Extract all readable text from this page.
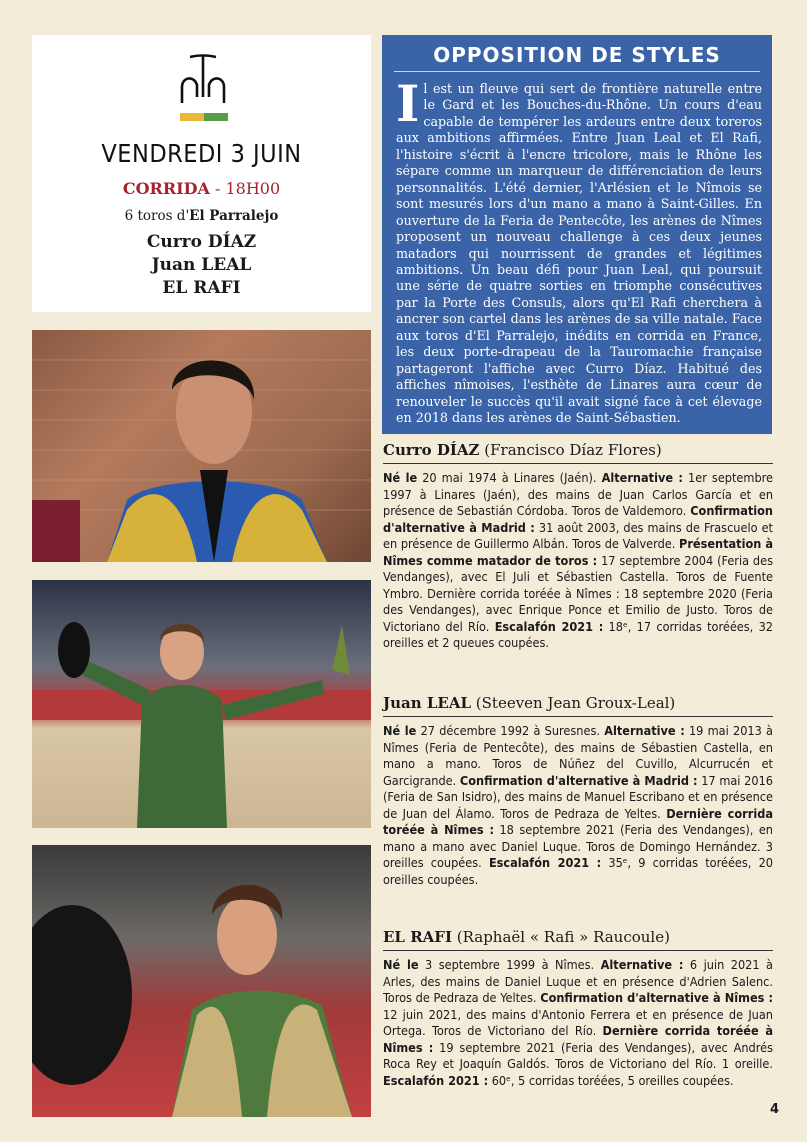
VENDREDI 3 JUIN
CORRIDA - 18H00
6 toros d'El Parralejo
Curro DÍAZ
Juan LEAL
EL RAFI
OPPOSITION DE STYLES
Il est un fleuve qui sert de frontière naturelle entre le Gard et les Bouches-du-Rhône. Un cours d'eau capable de tempérer les ardeurs entre deux toreros aux ambitions affirmées. Entre Juan Leal et El Rafi, l'histoire s'écrit à l'encre tricolore, mais le Rhône les sépare comme un marqueur de différenciation de leurs personnalités. L'été dernier, l'Arlésien et le Nîmois se sont mesurés lors d'un mano a mano à Saint-Gilles. En ouverture de la Feria de Pentecôte, les arènes de Nîmes proposent un nouveau challenge à ces deux jeunes matadors qui nourrissent de grandes et légitimes ambitions. Un beau défi pour Juan Leal, qui poursuit une série de quatre sorties en triomphe consécutives par la Porte des Consuls, alors qu'El Rafi cherchera à ancrer son cartel dans les arènes de sa ville natale. Face aux toros d'El Parralejo, inédits en corrida en France, les deux porte-drapeau de la Tauromachie française partageront l'affiche avec Curro Díaz. Habitué des affiches nîmoises, l'esthète de Linares aura cœur de renouveler le succès qu'il avait signé face à cet élevage en 2018 dans les arènes de Saint-Sébastien.
Curro DÍAZ (Francisco Díaz Flores)
Né le 20 mai 1974 à Linares (Jaén). Alternative : 1er septembre 1997 à Linares (Jaén), des mains de Juan Carlos García et en présence de Sebastián Córdoba. Toros de Valdemoro. Confirmation d'alternative à Madrid : 31 août 2003, des mains de Frascuelo et en présence de Guillermo Albán. Toros de Valverde. Présentation à Nîmes comme matador de toros : 17 septembre 2004 (Feria des Vendanges), avec El Juli et Sébastien Castella. Toros de Fuente Ymbro. Dernière corrida toréée à Nîmes : 18 septembre 2020 (Feria des Vendanges), avec Enrique Ponce et Emilio de Justo. Toros de Victoriano del Río. Escalafón 2021 : 18ᵉ, 17 corridas toréées, 32 oreilles et 2 queues coupées.
Juan LEAL (Steeven Jean Groux-Leal)
Né le 27 décembre 1992 à Suresnes. Alternative : 19 mai 2013 à Nîmes (Feria de Pentecôte), des mains de Sébastien Castella, en mano a mano. Toros de Núñez del Cuvillo, Alcurrucén et Garcigrande. Confirmation d'alternative à Madrid : 17 mai 2016 (Feria de San Isidro), des mains de Manuel Escribano et en présence de Juan del Álamo. Toros de Pedraza de Yeltes. Dernière corrida toréée à Nîmes : 18 septembre 2021 (Feria des Vendanges), en mano a mano avec Daniel Luque. Toros de Domingo Hernández. 3 oreilles coupées. Escalafón 2021 : 35ᵉ, 9 corridas toréées, 20 oreilles coupées.
EL RAFI (Raphaël « Rafi » Raucoule)
Né le 3 septembre 1999 à Nîmes. Alternative : 6 juin 2021 à Arles, des mains de Daniel Luque et en présence d'Adrien Salenc. Toros de Pedraza de Yeltes. Confirmation d'alternative à Nîmes : 12 juin 2021, des mains d'Antonio Ferrera et en présence de Juan Ortega. Toros de Victoriano del Río. Dernière corrida toréée à Nîmes : 19 septembre 2021 (Feria des Vendanges), avec Andrés Roca Rey et Joaquín Galdós. Toros de Victoriano del Río. 1 oreille. Escalafón 2021 : 60ᵉ, 5 corridas toréées, 5 oreilles coupées.
4
